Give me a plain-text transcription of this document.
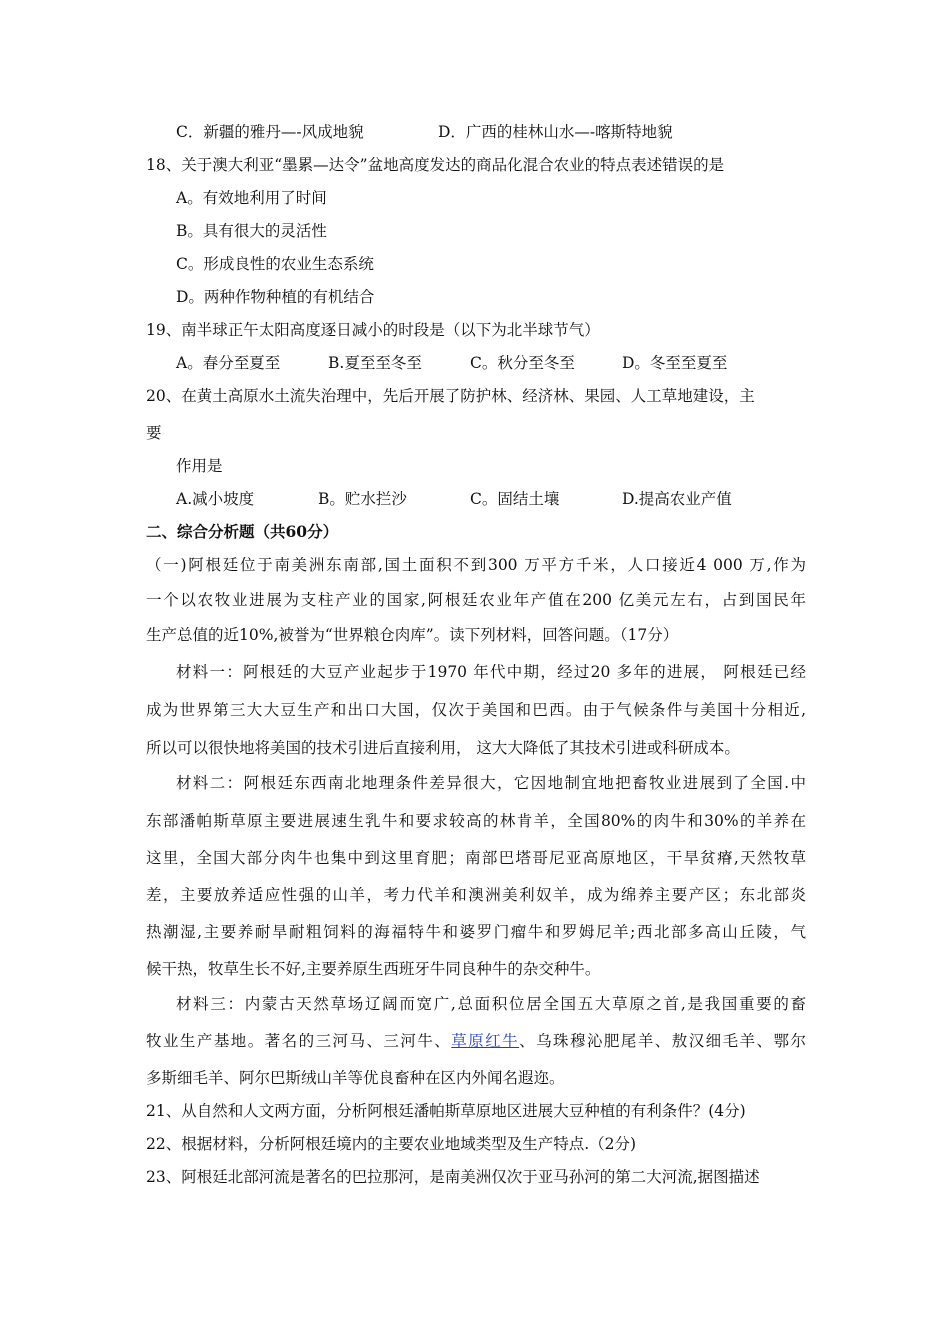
C．新疆的雅丹—-风成地貌	D．广西的桂林山水—-喀斯特地貌
18、关于澳大利亚“墨累—达令”盆地高度发达的商品化混合农业的特点表述错误的是
A。有效地利用了时间
B。具有很大的灵活性
C。形成良性的农业生态系统
D。两种作物种植的有机结合
19、南半球正午太阳高度逐日减小的时段是（以下为北半球节气）
A。春分至夏至	B.夏至至冬至	C。秋分至冬至	D。冬至至夏至
20、在黄土高原水土流失治理中，先后开展了防护林、经济林、果园、人工草地建设，主
要
作用是
A.减小坡度	B。贮水拦沙	C。固结土壤	D.提高农业产值
二、综合分析题（共60分）
（一)阿根廷位于南美洲东南部,国土面积不到300 万平方千米，人口接近4 000 万,作为
一个以农牧业进展为支柱产业的国家,阿根廷农业年产值在200 亿美元左右，占到国民年
生产总值的近10%,被誉为“世界粮仓肉库”。读下列材料，回答问题。（17分）
材料一：阿根廷的大豆产业起步于1970 年代中期，经过20 多年的进展， 阿根廷已经
成为世界第三大大豆生产和出口大国，仅次于美国和巴西。由于气候条件与美国十分相近,
所以可以很快地将美国的技术引进后直接利用， 这大大降低了其技术引进或科研成本。
材料二：阿根廷东西南北地理条件差异很大，它因地制宜地把畜牧业进展到了全国.中
东部潘帕斯草原主要进展速生乳牛和要求较高的林肯羊，全国80%的肉牛和30%的羊养在
这里，全国大部分肉牛也集中到这里育肥；南部巴塔哥尼亚高原地区，干旱贫瘠,天然牧草
差，主要放养适应性强的山羊，考力代羊和澳洲美利奴羊，成为绵养主要产区；东北部炎
热潮湿,主要养耐旱耐粗饲料的海福特牛和婆罗门瘤牛和罗姆尼羊;西北部多高山丘陵，气
候干热，牧草生长不好,主要养原生西班牙牛同良种牛的杂交种牛。
材料三：内蒙古天然草场辽阔而宽广,总面积位居全国五大草原之首,是我国重要的畜
牧业生产基地。著名的三河马、三河牛、草原红牛、乌珠穆沁肥尾羊、敖汉细毛羊、鄂尔
多斯细毛羊、阿尔巴斯绒山羊等优良畜种在区内外闻名遐迩。
21、从自然和人文两方面，分析阿根廷潘帕斯草原地区进展大豆种植的有利条件？(4分)
22、根据材料，分析阿根廷境内的主要农业地域类型及生产特点.（2分)
23、阿根廷北部河流是著名的巴拉那河，是南美洲仅次于亚马孙河的第二大河流,据图描述
